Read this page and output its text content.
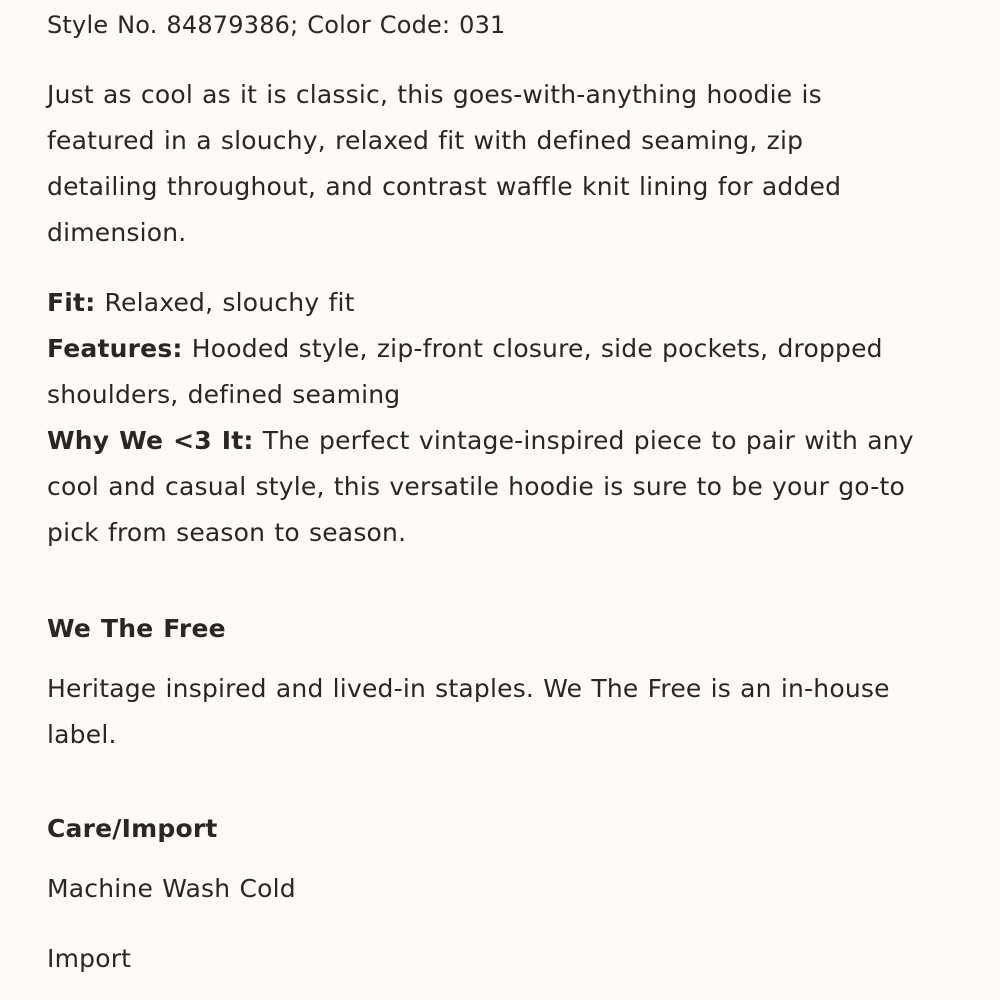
Style No. 84879386; Color Code: 031

Just as cool as it is classic, this goes-with-anything hoodie is

featured in a slouchy, relaxed fit with defined seaming, zip

detailing throughout, and contrast waffle knit lining for added

dimension.

Fit: Relaxed, slouchy fit

Features: Hooded style, zip-front closure, side pockets, dropped

shoulders, defined seaming

Why We <3 It: The perfect vintage-inspired piece to pair with any

cool and casual style, this versatile hoodie is sure to be your go-to

pick from season to season.

We The Free

Heritage inspired and lived-in staples. We The Free is an in-house

label.

Care/Import

Machine Wash Cold

Import
